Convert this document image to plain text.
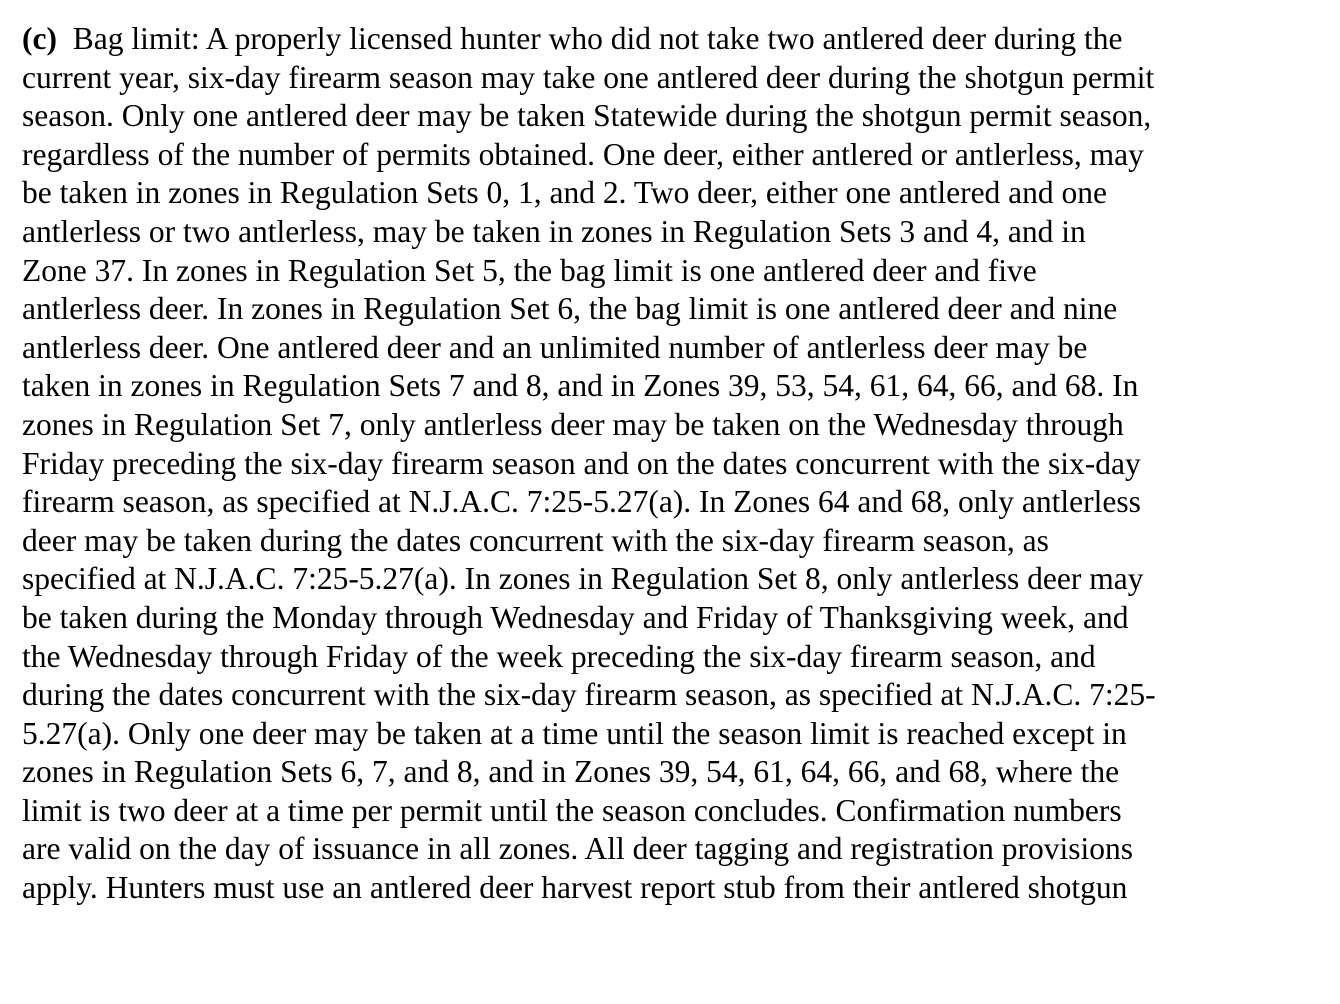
(c) Bag limit: A properly licensed hunter who did not take two antlered deer during the
current year, six-day firearm season may take one antlered deer during the shotgun permit
season. Only one antlered deer may be taken Statewide during the shotgun permit season,
regardless of the number of permits obtained. One deer, either antlered or antlerless, may
be taken in zones in Regulation Sets 0, 1, and 2. Two deer, either one antlered and one
antlerless or two antlerless, may be taken in zones in Regulation Sets 3 and 4, and in
Zone 37. In zones in Regulation Set 5, the bag limit is one antlered deer and five
antlerless deer. In zones in Regulation Set 6, the bag limit is one antlered deer and nine
antlerless deer. One antlered deer and an unlimited number of antlerless deer may be
taken in zones in Regulation Sets 7 and 8, and in Zones 39, 53, 54, 61, 64, 66, and 68. In
zones in Regulation Set 7, only antlerless deer may be taken on the Wednesday through
Friday preceding the six-day firearm season and on the dates concurrent with the six-day
firearm season, as specified at N.J.A.C. 7:25-5.27(a). In Zones 64 and 68, only antlerless
deer may be taken during the dates concurrent with the six-day firearm season, as
specified at N.J.A.C. 7:25-5.27(a). In zones in Regulation Set 8, only antlerless deer may
be taken during the Monday through Wednesday and Friday of Thanksgiving week, and
the Wednesday through Friday of the week preceding the six-day firearm season, and
during the dates concurrent with the six-day firearm season, as specified at N.J.A.C. 7:25-
5.27(a). Only one deer may be taken at a time until the season limit is reached except in
zones in Regulation Sets 6, 7, and 8, and in Zones 39, 54, 61, 64, 66, and 68, where the
limit is two deer at a time per permit until the season concludes. Confirmation numbers
are valid on the day of issuance in all zones. All deer tagging and registration provisions
apply. Hunters must use an antlered deer harvest report stub from their antlered shotgun
